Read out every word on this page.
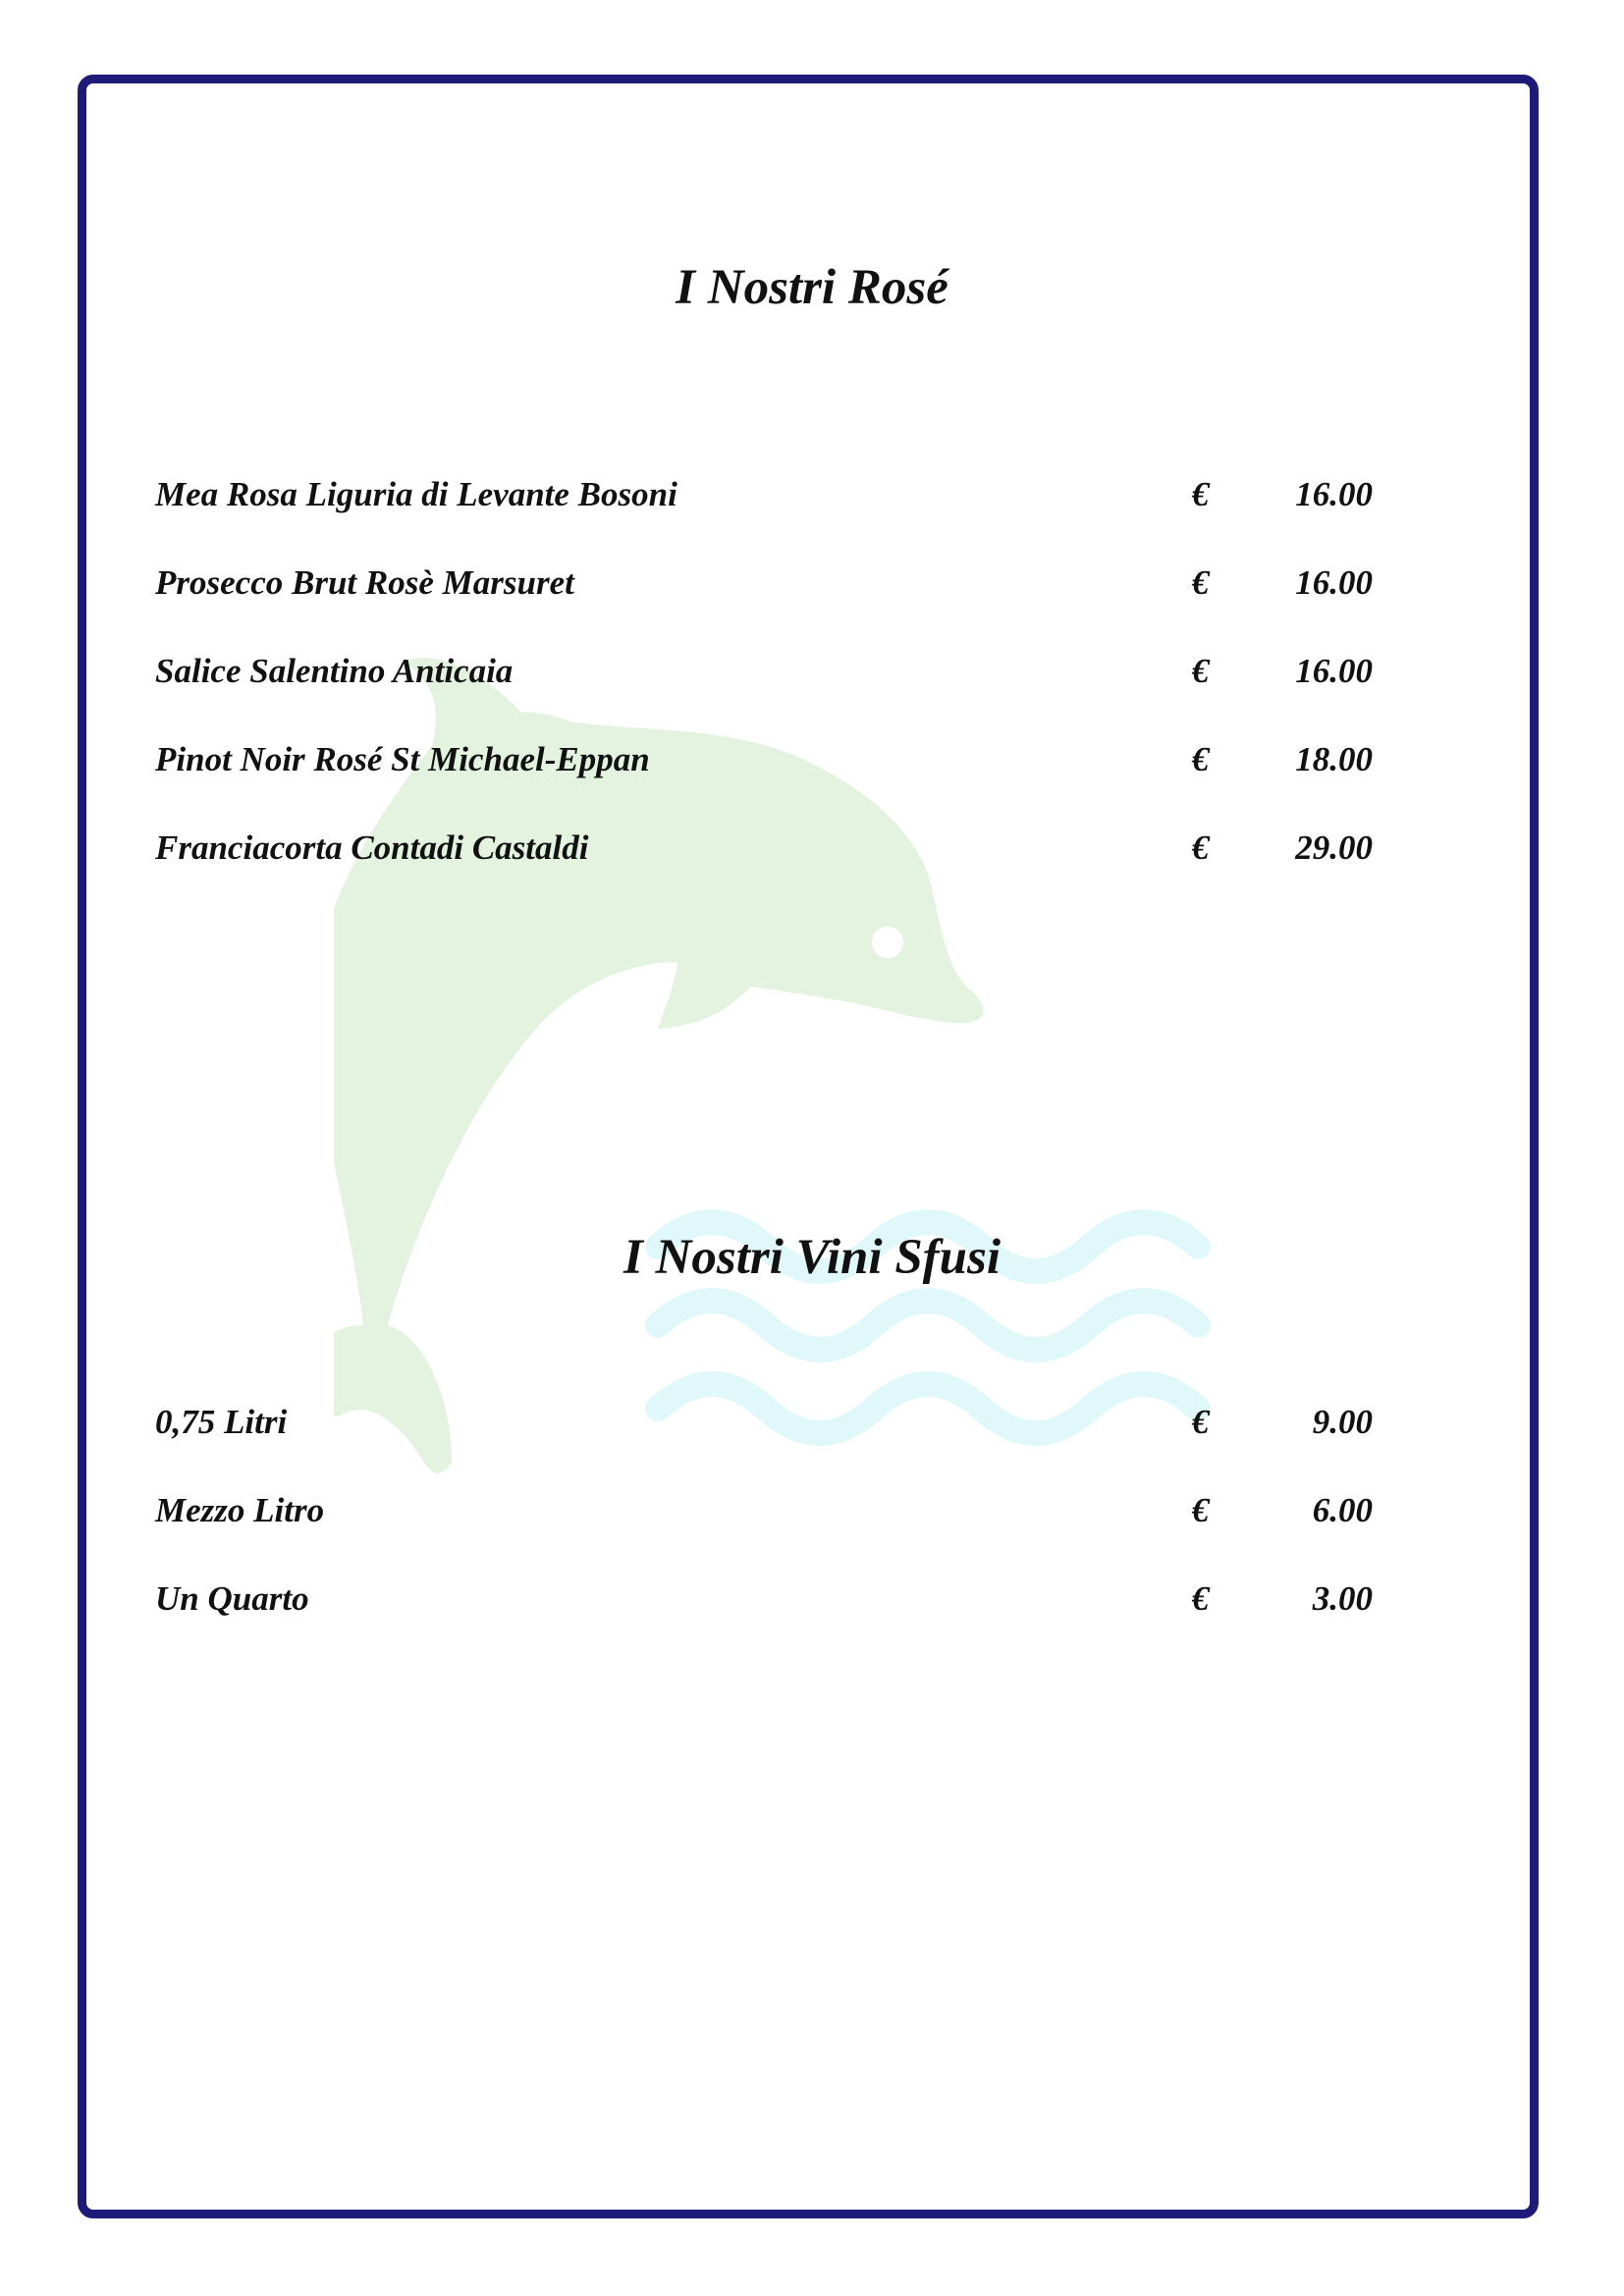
I Nostri Rosé
Mea Rosa Liguria di Levante Bosoni	€	16.00
Prosecco Brut Rosè Marsuret	€	16.00
Salice Salentino Anticaia	€	16.00
Pinot Noir Rosé St Michael-Eppan	€	18.00
Franciacorta Contadi Castaldi	€	29.00
I Nostri Vini Sfusi
0,75 Litri	€	9.00
Mezzo Litro	€	6.00
Un Quarto	€	3.00
